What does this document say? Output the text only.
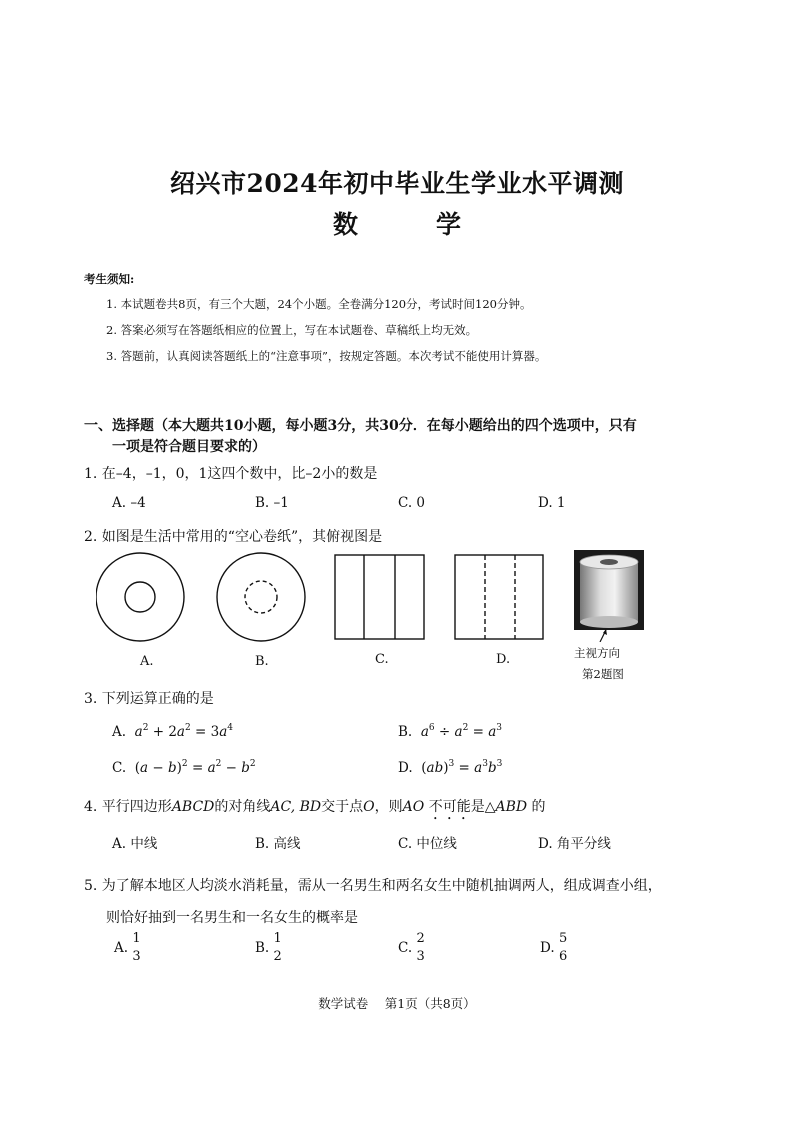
绍兴市2024年初中毕业生学业水平调测
数	学
考生须知:
1. 本试题卷共8页，有三个大题，24个小题。全卷满分120分，考试时间120分钟。
2. 答案必须写在答题纸相应的位置上，写在本试题卷、草稿纸上均无效。
3. 答题前，认真阅读答题纸上的“注意事项”，按规定答题。本次考试不能使用计算器。
一、选择题（本大题共10小题，每小题3分，共30分．在每小题给出的四个选项中，只有
一项是符合题目要求的）
1. 在–4，–1，0，1这四个数中，比–2小的数是
A. –4	B. –1	C. 0	D. 1
2. 如图是生活中常用的“空心卷纸”，其俯视图是
A.	B.	C.	D.	主视方向
第2题图
3. 下列运算正确的是
A. $a^2 + 2a^2 = 3a^4$	B. $a^6 \div a^2 = a^3$
C. $(a - b)^2 = a^2 - b^2$	D. $(ab)^3 = a^3b^3$
4. 平行四边形ABCD的对角线AC, BD交于点O，则AO 不可能是△ABD 的
A. 中线	B. 高线	C. 中位线	D. 角平分线
5. 为了解本地区人均淡水消耗量，需从一名男生和两名女生中随机抽调两人，组成调查小组，
则恰好抽到一名男生和一名女生的概率是
A.
1
3
B.
1
2
C.
2
3
D.
5
6
数学试卷　 第1页（共8页）
